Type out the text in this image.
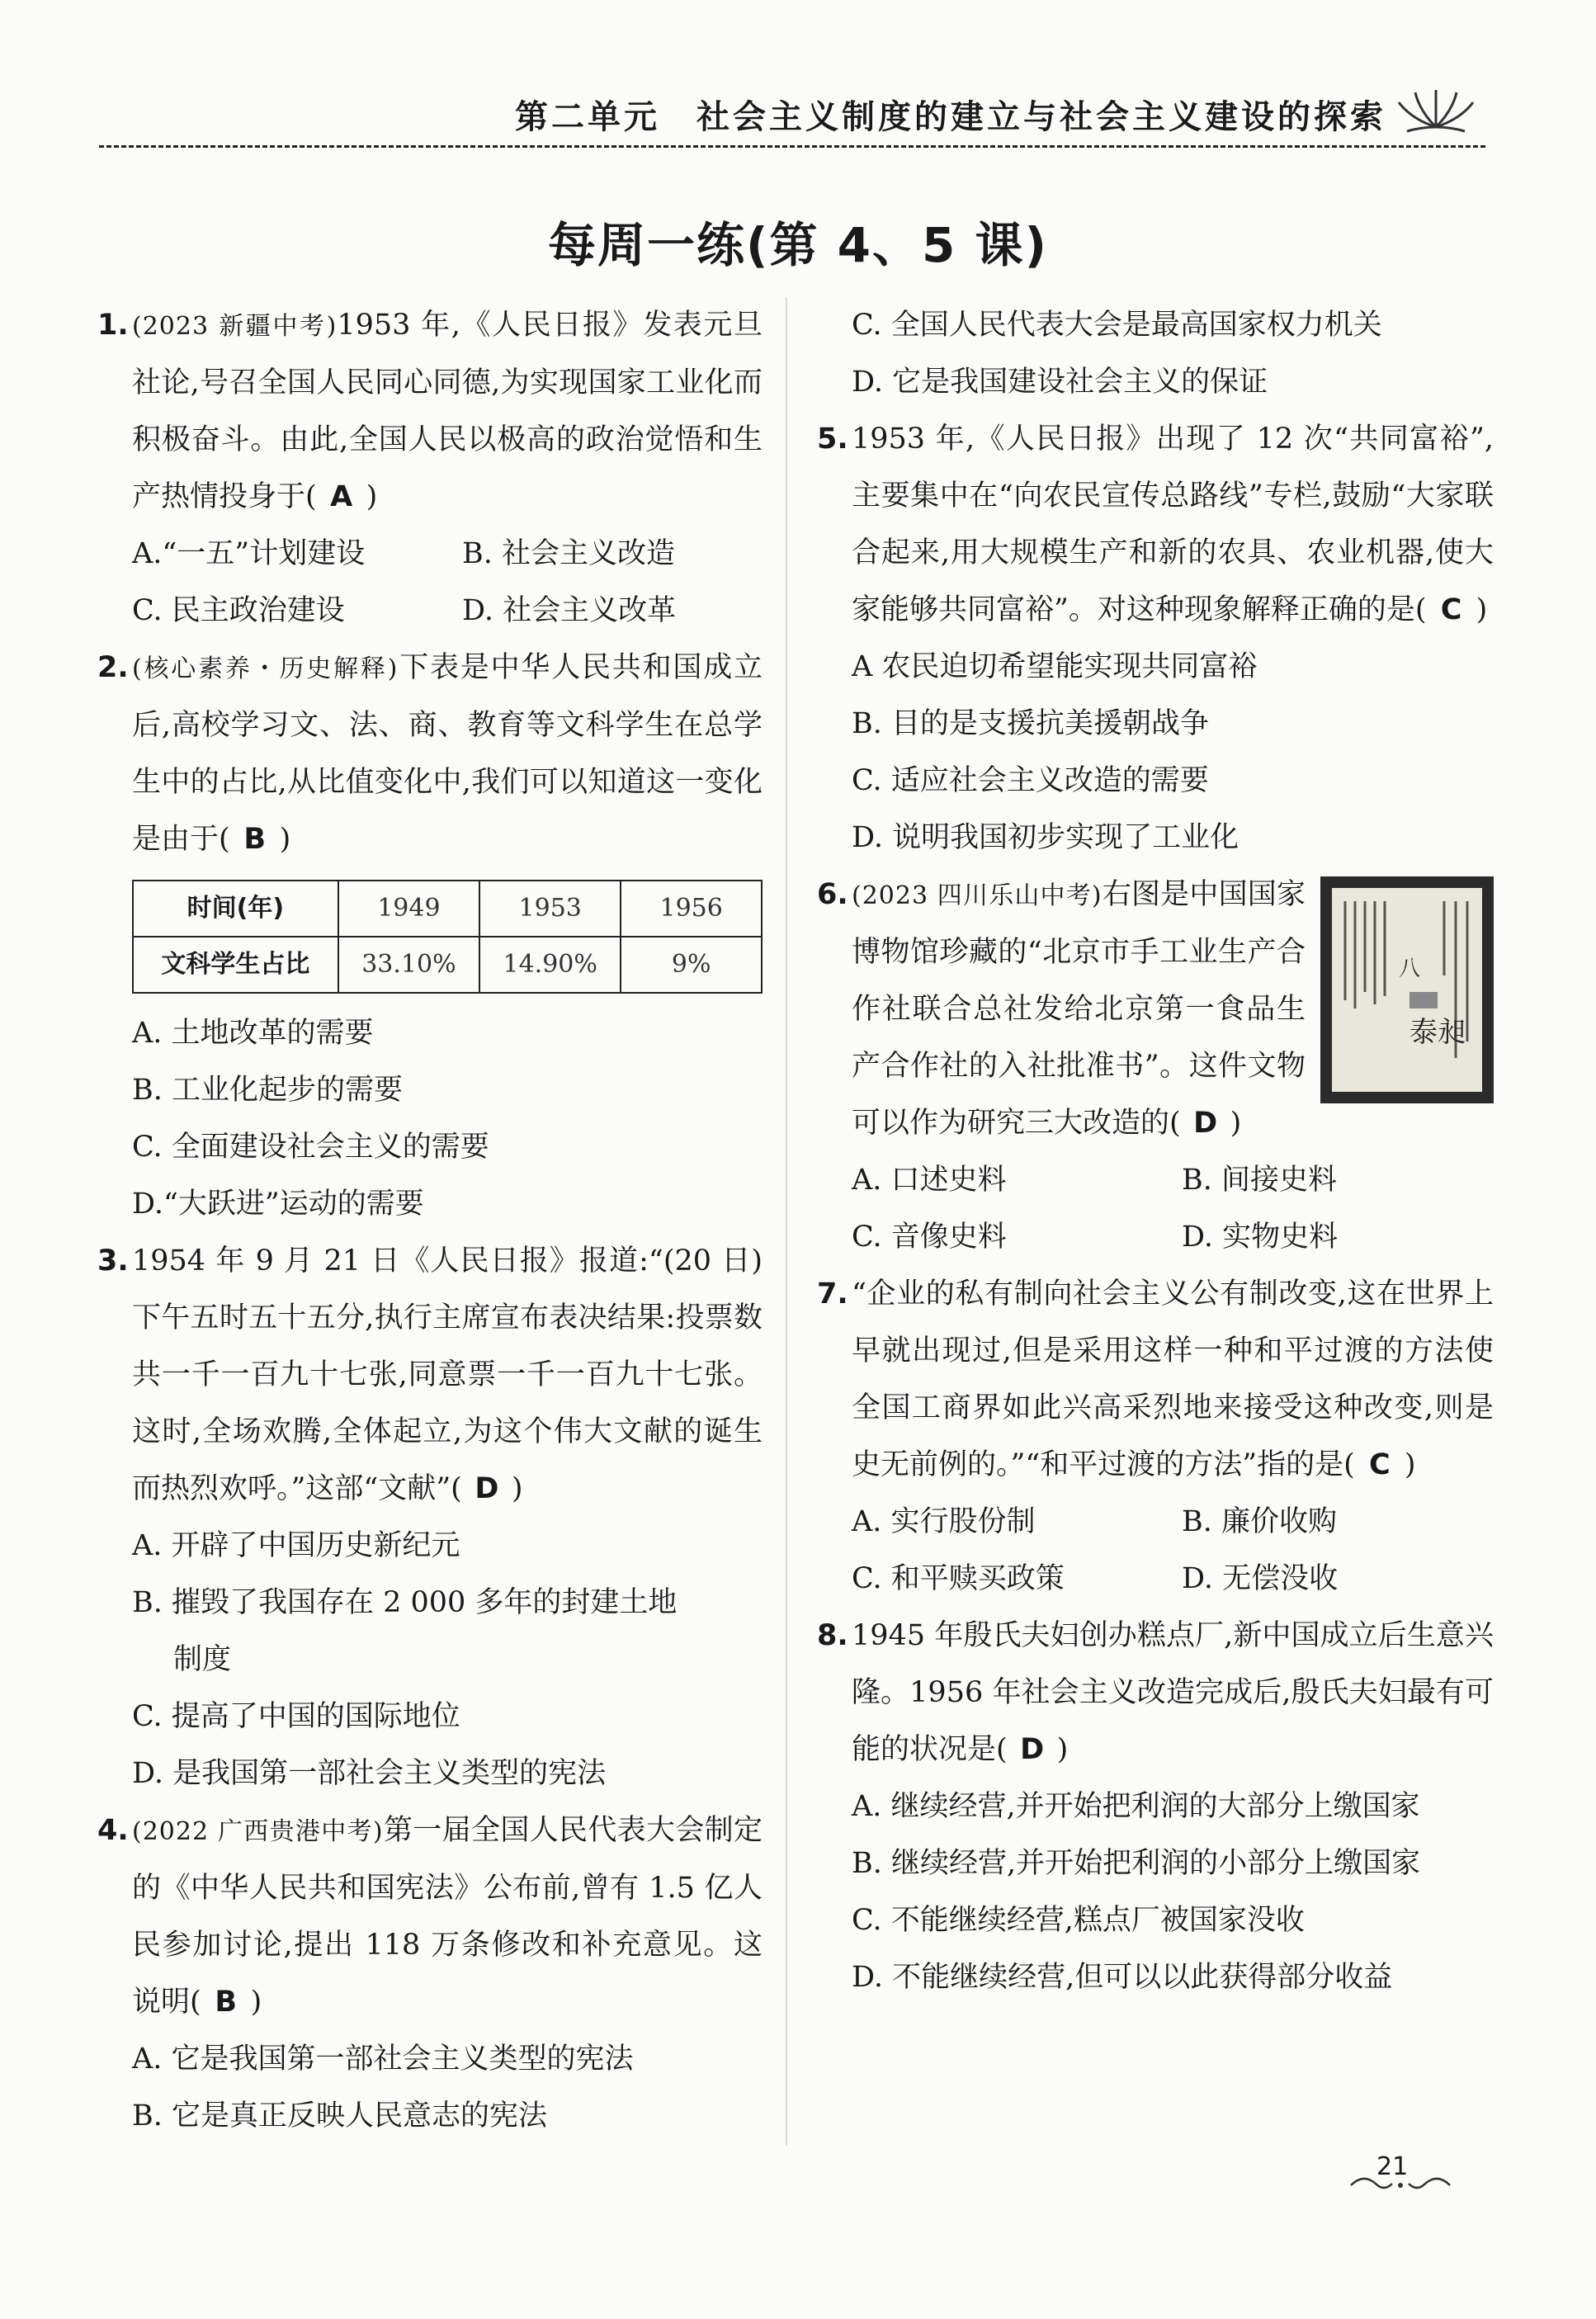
第二单元　社会主义制度的建立与社会主义建设的探索
每周一练(第 4、5 课)
1. (2023 新疆中考)1953 年,《人民日报》发表元旦社论,号召全国人民同心同德,为实现国家工业化而积极奋斗。由此,全国人民以极高的政治觉悟和生产热情投身于( A )
A.“一五”计划建设	B. 社会主义改造
C. 民主政治建设	D. 社会主义改革
2. (核心素养・历史解释)下表是中华人民共和国成立后,高校学习文、法、商、教育等文科学生在总学生中的占比,从比值变化中,我们可以知道这一变化是由于( B )
时间(年)	1949	1953	1956
文科学生占比	33.10%	14.90%	9%
A. 土地改革的需要
B. 工业化起步的需要
C. 全面建设社会主义的需要
D.“大跃进”运动的需要
3. 1954 年 9 月 21 日《人民日报》报道:“(20 日)下午五时五十五分,执行主席宣布表决结果:投票数共一千一百九十七张,同意票一千一百九十七张。这时,全场欢腾,全体起立,为这个伟大文献的诞生而热烈欢呼。”这部“文献”( D )
A. 开辟了中国历史新纪元
B. 摧毁了我国存在 2 000 多年的封建土地
制度
C. 提高了中国的国际地位
D. 是我国第一部社会主义类型的宪法
4. (2022 广西贵港中考)第一届全国人民代表大会制定的《中华人民共和国宪法》公布前,曾有 1.5 亿人民参加讨论,提出 118 万条修改和补充意见。这说明( B )
A. 它是我国第一部社会主义类型的宪法
B. 它是真正反映人民意志的宪法
C. 全国人民代表大会是最高国家权力机关
D. 它是我国建设社会主义的保证
5. 1953 年,《人民日报》出现了 12 次“共同富裕”,主要集中在“向农民宣传总路线”专栏,鼓励“大家联合起来,用大规模生产和新的农具、农业机器,使大家能够共同富裕”。对这种现象解释正确的是( C )
A 农民迫切希望能实现共同富裕
B. 目的是支援抗美援朝战争
C. 适应社会主义改造的需要
D. 说明我国初步实现了工业化
6.
八
泰昶
(2023 四川乐山中考)右图是中国国家博物馆珍藏的“北京市手工业生产合作社联合总社发给北京第一食品生产合作社的入社批准书”。这件文物可以作为研究三大改造的( D )
A. 口述史料	B. 间接史料
C. 音像史料	D. 实物史料
7. “企业的私有制向社会主义公有制改变,这在世界上早就出现过,但是采用这样一种和平过渡的方法使全国工商界如此兴高采烈地来接受这种改变,则是史无前例的。”“和平过渡的方法”指的是( C )
A. 实行股份制	B. 廉价收购
C. 和平赎买政策	D. 无偿没收
8. 1945 年殷氏夫妇创办糕点厂,新中国成立后生意兴隆。1956 年社会主义改造完成后,殷氏夫妇最有可能的状况是( D )
A. 继续经营,并开始把利润的大部分上缴国家
B. 继续经营,并开始把利润的小部分上缴国家
C. 不能继续经营,糕点厂被国家没收
D. 不能继续经营,但可以以此获得部分收益
21
